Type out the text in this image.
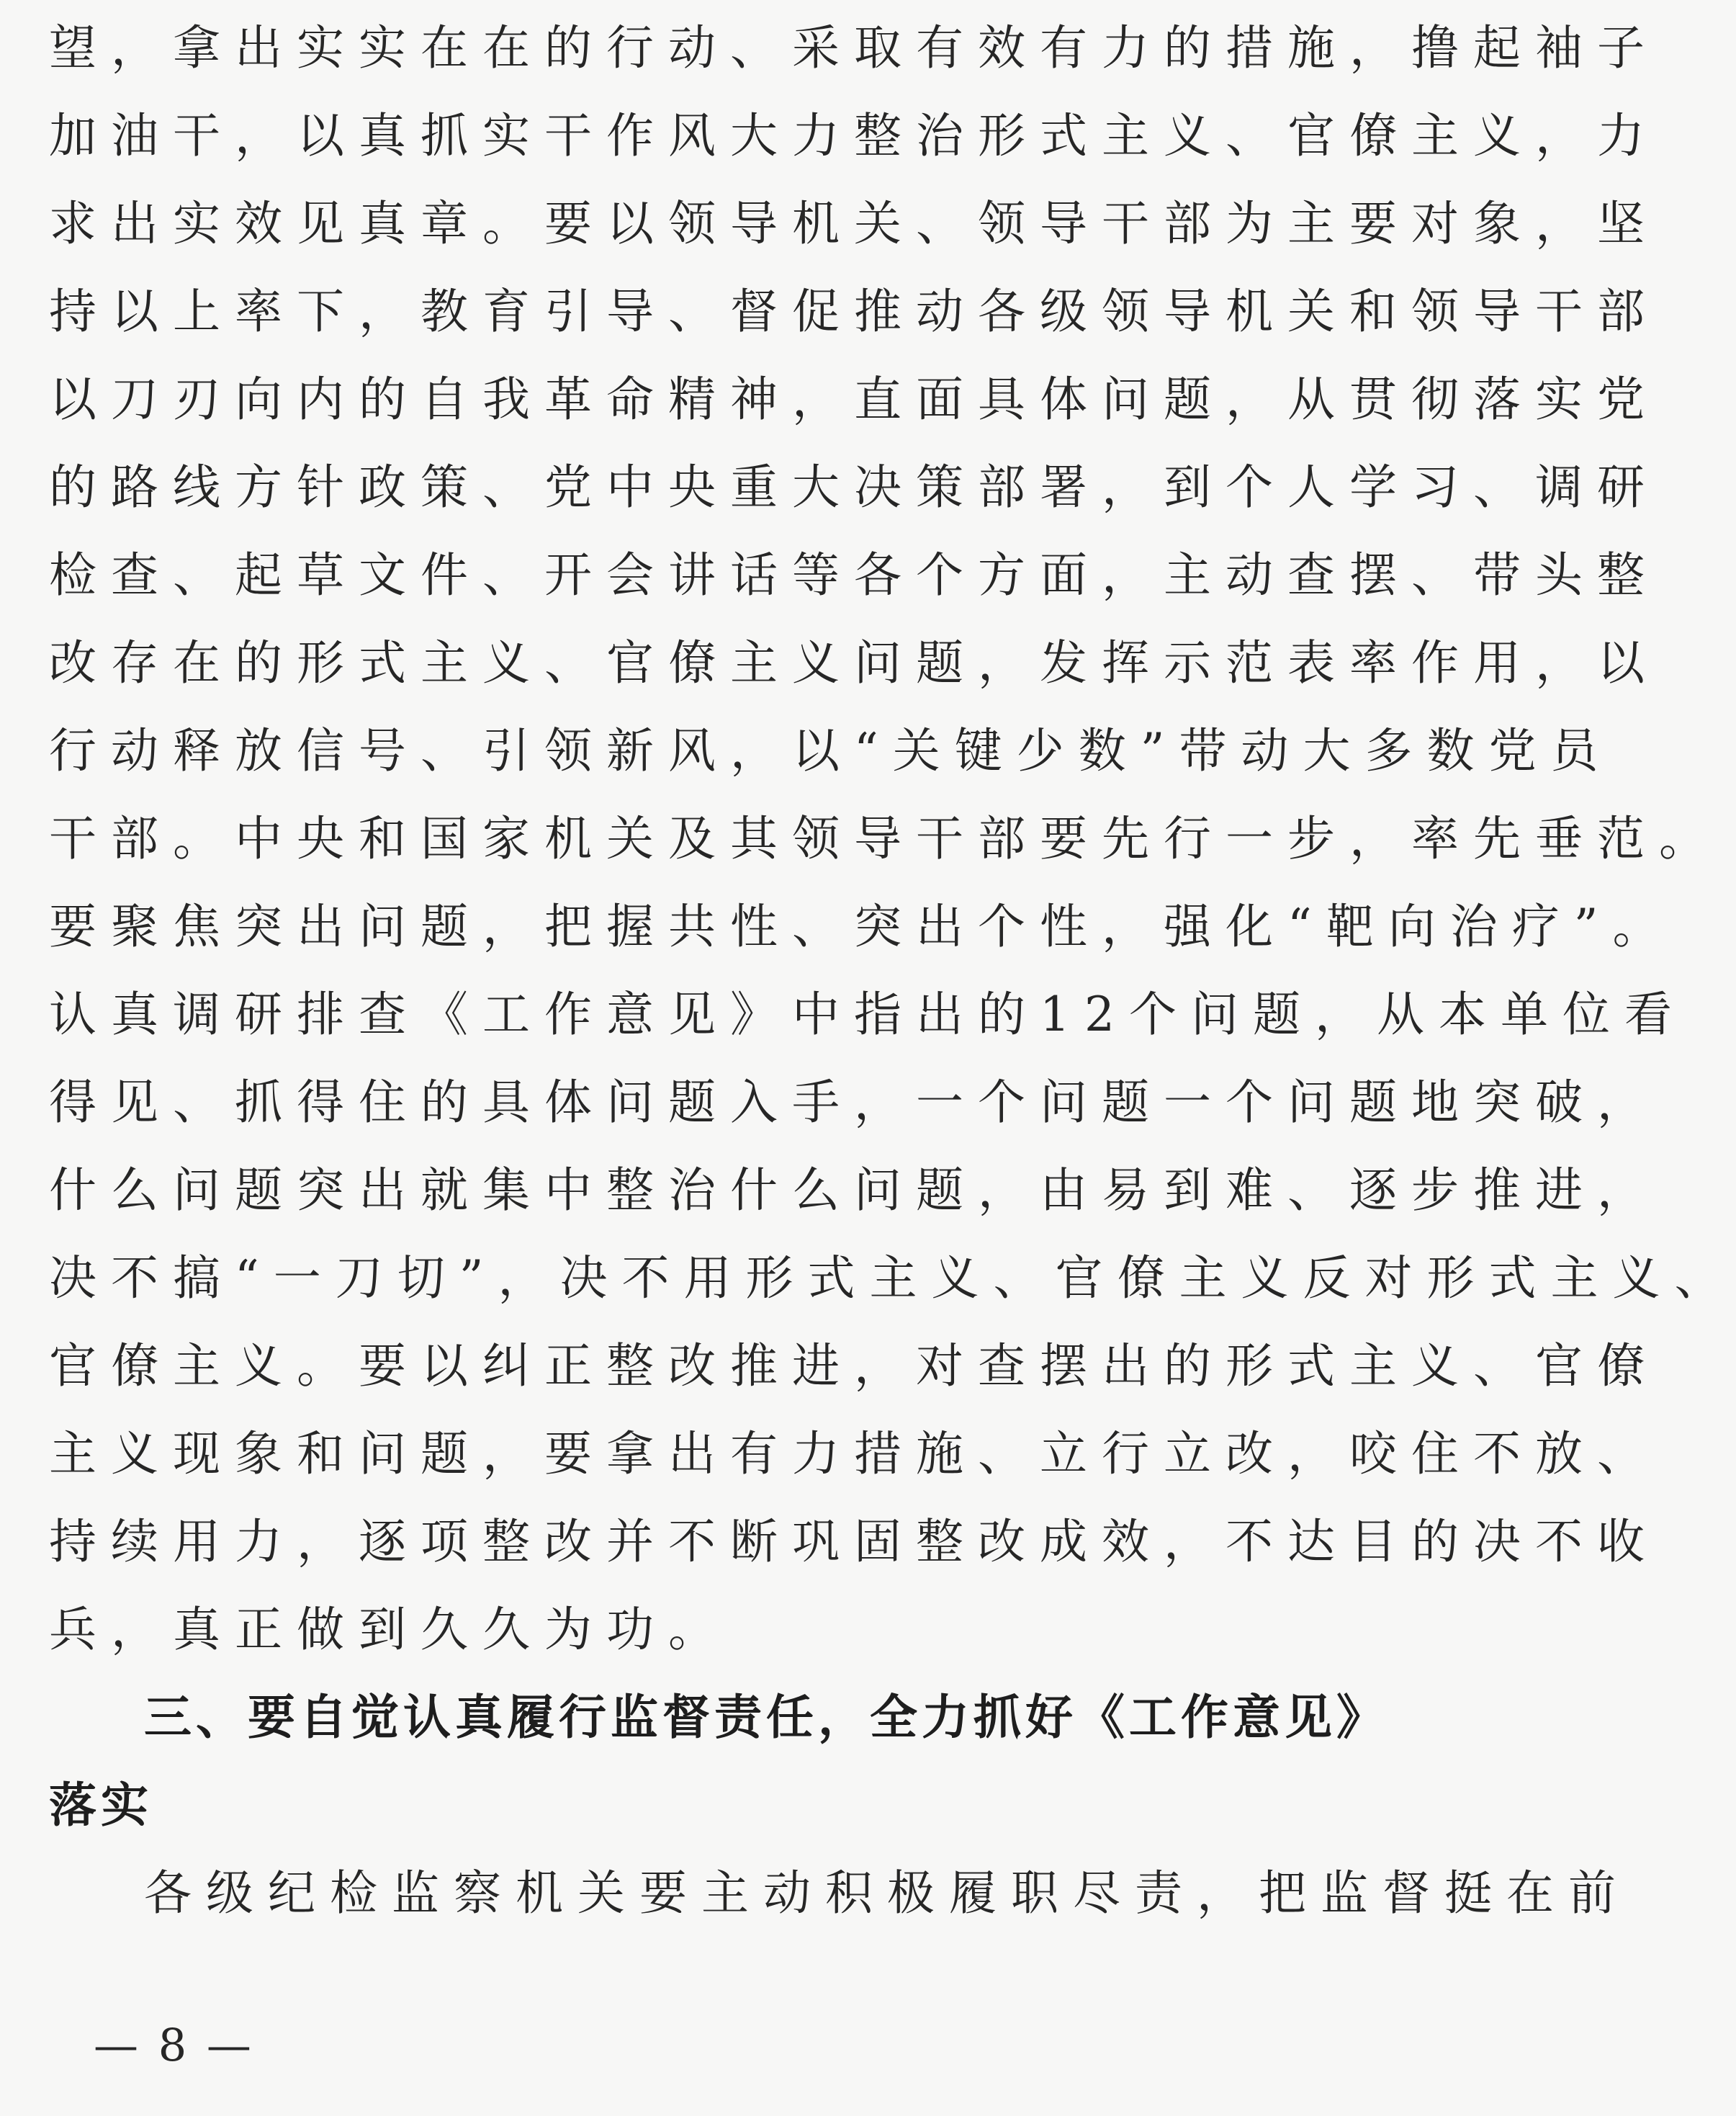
望，拿出实实在在的行动、采取有效有力的措施，撸起袖子
加油干，以真抓实干作风大力整治形式主义、官僚主义，力
求出实效见真章。要以领导机关、领导干部为主要对象，坚
持以上率下，教育引导、督促推动各级领导机关和领导干部
以刀刃向内的自我革命精神，直面具体问题，从贯彻落实党
的路线方针政策、党中央重大决策部署，到个人学习、调研
检查、起草文件、开会讲话等各个方面，主动查摆、带头整
改存在的形式主义、官僚主义问题，发挥示范表率作用，以
行动释放信号、引领新风，以“关键少数”带动大多数党员
干部。中央和国家机关及其领导干部要先行一步，率先垂范。
要聚焦突出问题，把握共性、突出个性，强化“靶向治疗”。
认真调研排查《工作意见》中指出的12个问题，从本单位看
得见、抓得住的具体问题入手，一个问题一个问题地突破，
什么问题突出就集中整治什么问题，由易到难、逐步推进，
决不搞“一刀切”，决不用形式主义、官僚主义反对形式主义、
官僚主义。要以纠正整改推进，对查摆出的形式主义、官僚
主义现象和问题，要拿出有力措施、立行立改，咬住不放、
持续用力，逐项整改并不断巩固整改成效，不达目的决不收
兵，真正做到久久为功。
三、要自觉认真履行监督责任，全力抓好《工作意见》
落实
各级纪检监察机关要主动积极履职尽责，把监督挺在前
— 8 —
